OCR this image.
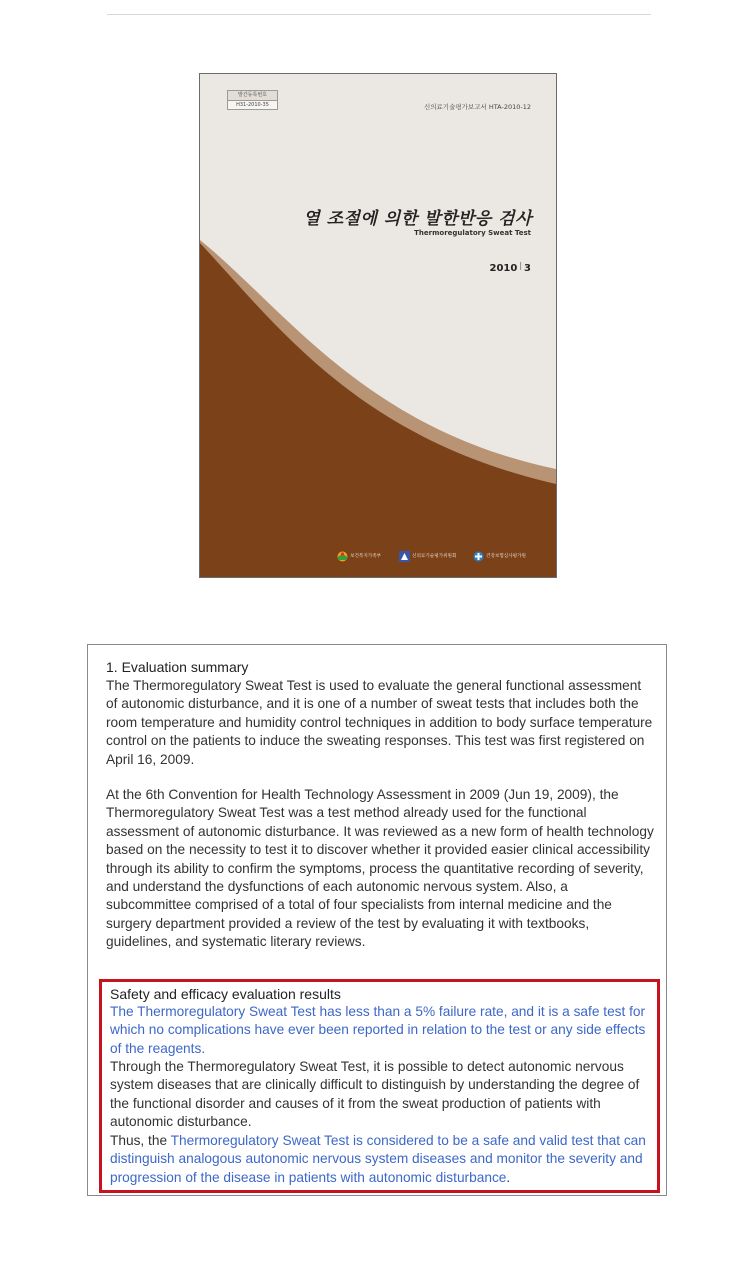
발간등록번호
H31-2010-35	신의료기술평가보고서 HTA-2010-12
열 조절에 의한 발한반응 검사
Thermoregulatory Sweat Test
2010 | 3
보건복지가족부	신의료기술평가위원회	건강보험심사평가원
1. Evaluation summary

The Thermoregulatory Sweat Test is used to evaluate the general functional assessment of autonomic disturbance, and it is one of a number of sweat tests that includes both the room temperature and humidity control techniques in addition to body surface temperature control on the patients to induce the sweating responses. This test was first registered on April 16, 2009.

At the 6th Convention for Health Technology Assessment in 2009 (Jun 19, 2009), the Thermoregulatory Sweat Test was a test method already used for the functional assessment of autonomic disturbance. It was reviewed as a new form of health technology based on the necessity to test it to discover whether it provided easier clinical accessibility through its ability to confirm the symptoms, process the quantitative recording of severity, and understand the dysfunctions of each autonomic nervous system. Also, a subcommittee comprised of a total of four specialists from internal medicine and the surgery department provided a review of the test by evaluating it with textbooks, guidelines, and systematic literary reviews.

Safety and efficacy evaluation results

The Thermoregulatory Sweat Test has less than a 5% failure rate, and it is a safe test for which no complications have ever been reported in relation to the test or any side effects of the reagents.

Through the Thermoregulatory Sweat Test, it is possible to detect autonomic nervous system diseases that are clinically difficult to distinguish by understanding the degree of the functional disorder and causes of it from the sweat production of patients with autonomic disturbance.

Thus, the Thermoregulatory Sweat Test is considered to be a safe and valid test that can distinguish analogous autonomic nervous system diseases and monitor the severity and progression of the disease in patients with autonomic disturbance.
